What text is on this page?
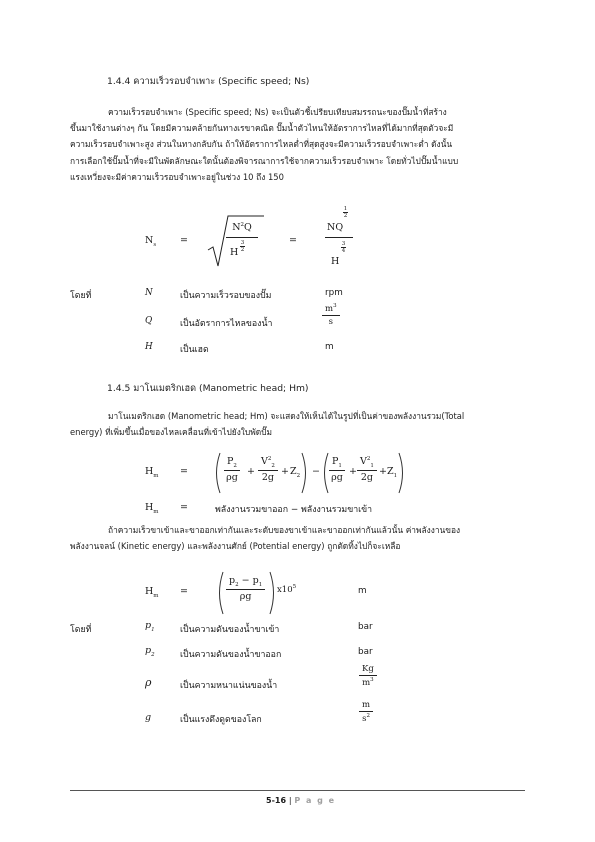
1.4.4 ความเร็วรอบจำเพาะ (Specific speed; Ns)
ความเร็วรอบจำเพาะ (Specific speed; Ns) จะเป็นตัวชี้เปรียบเทียบสมรรถนะของปั๊มน้ำที่สร้าง
ขึ้นมาใช้งานต่างๆ กัน โดยมีความคล้ายกันทางเรขาคณิต ปั๊มน้ำตัวไหนให้อัตราการไหลที่ได้มากที่สุดตัวจะมี
ความเร็วรอบจำเพาะสูง ส่วนในทางกลับกัน ถ้าให้อัตราการไหลต่ำที่สุดสูงจะมีความเร็วรอบจำเพาะต่ำ ดังนั้น
การเลือกใช้ปั๊มน้ำที่จะมีในพัดลักษณะใดนั้นต้องพิจารณาการใช้จากความเร็วรอบจำเพาะ โดยทั่วไปปั๊มน้ำแบบ
แรงเหวี่ยงจะมีค่าความเร็วรอบจำเพาะอยู่ในช่วง 10 ถึง 150
$N_s$	=
$N^2Q$
H
3
2
=
NQ
1
2
H
3
4
โดยที่	N	เป็นความเร็วรอบของปั๊ม	rpm
Q	เป็นอัตราการไหลของน้ำ	$\frac{m^3}{s}$
H	เป็นเฮด	m
1.4.5 มาโนเมตริกเฮด (Manometric head; Hm)
มาโนเมตริกเฮด (Manometric head; Hm) จะแสดงให้เห็นได้ในรูปที่เป็นค่าของพลังงานรวม(Total
energy) ที่เพิ่มขึ้นเมื่อของไหลเคลื่อนที่เข้าไปยังใบพัดปั๊ม
$H_m$ =	$\frac{P_2}{\rho g} + \frac{V^2_2}{2g} + Z_2 - \frac{P_1}{\rho g} + \frac{V^2_1}{2g} + Z_1$
$H_m$ =	พลังงานรวมขาออก − พลังงานรวมขาเข้า
ถ้าความเร็วขาเข้าและขาออกเท่ากันและระดับของขาเข้าและขาออกเท่ากันแล้วนั้น ค่าพลังงานของ
พลังงานจลน์ (Kinetic energy) และพลังงานศักย์ (Potential energy) ถูกตัดทิ้งไปก็จะเหลือ
$H_m$ =	$\frac{p_2 - p_1}{\rho g} x10^5$	m
โดยที่	$p_1$	เป็นความดันของน้ำขาเข้า	bar
$p_2$	เป็นความดันของน้ำขาออก	bar
ρ	เป็นความหนาแน่นของน้ำ	$\frac{Kg}{m^3}$
g	เป็นแรงดึงดูดของโลก	$\frac{m}{s^2}$
5-16 | P a g e
